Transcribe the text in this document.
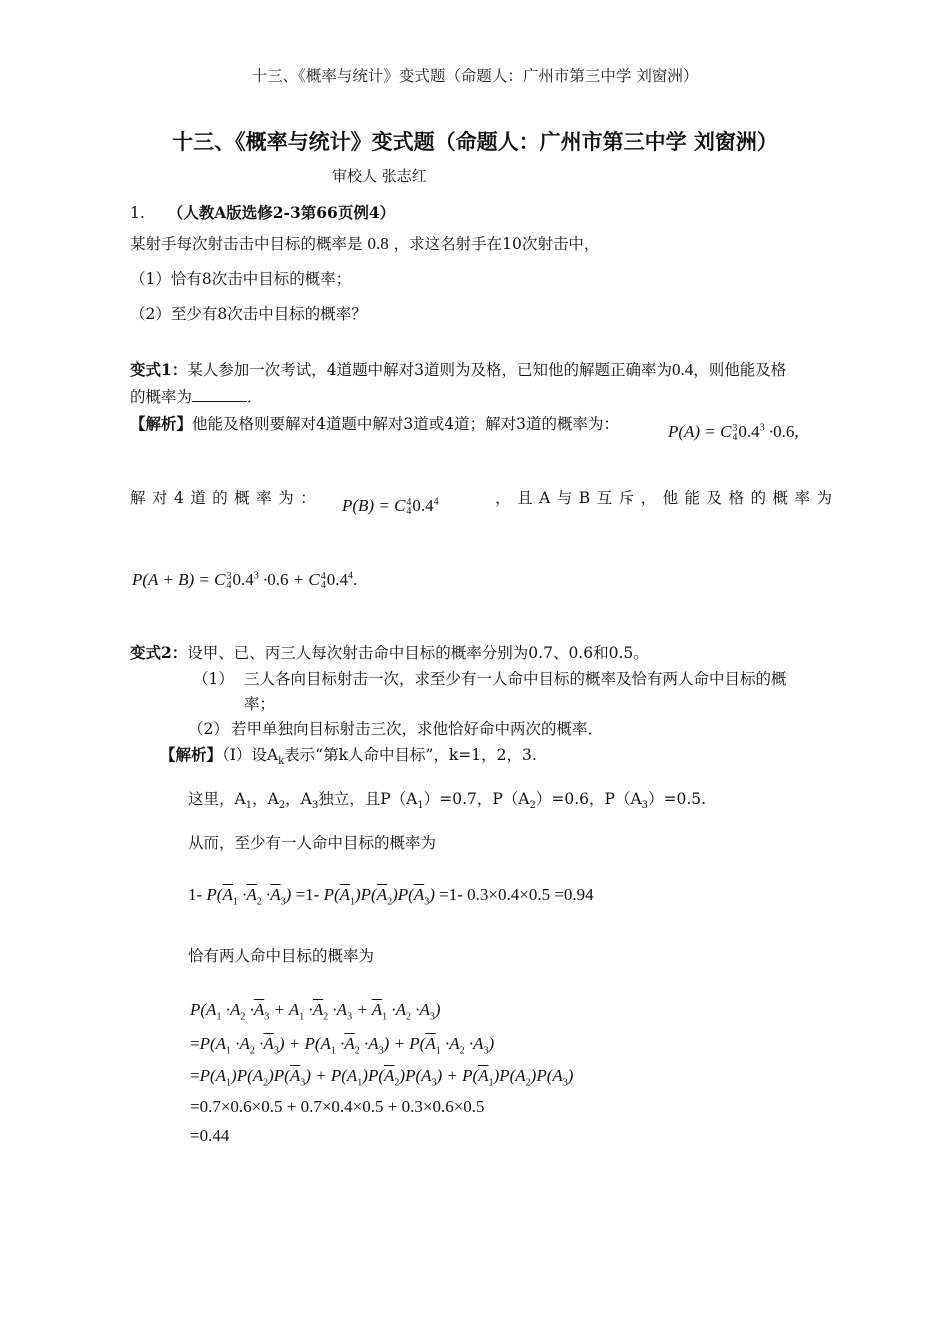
十三、《概率与统计》变式题（命题人：广州市第三中学 刘窗洲）
十三、《概率与统计》变式题（命题人：广州市第三中学 刘窗洲）
审校人 张志红
1. （人教A版选修2-3第66页例4）
某射手每次射击击中目标的概率是 0.8 ，求这名射手在10次射击中，
（1）恰有8次击中目标的概率；
（2）至少有8次击中目标的概率？
变式1：某人参加一次考试，4道题中解对3道则为及格，已知他的解题正确率为0.4，则他能及格
的概率为	．
【解析】他能及格则要解对4道题中解对3道或4道；解对3道的概率为：	P(A) = C3
$40.4^3 \cdot 0.6$,
解对4道的概率为：	，且A与B互斥，他能及格的概率为
P(B) = C4
40.4$^4$
P(A + B) = C3
$40.4^3 \cdot 0.6 + C4$
40.4$^4$.
变式2：设甲、已、丙三人每次射击命中目标的概率分别为0.7、0.6和0.5。
（1） 三人各向目标射击一次，求至少有一人命中目标的概率及恰有两人命中目标的概
率；
（2） 若甲单独向目标射击三次，求他恰好命中两次的概率．
【解析】（I）设$A_k$表示“第k人命中目标”，k=1，2，3.
这里，$A_1$，$A_2$，$A_3$独立，且$P(A_1)=0.7$，$P(A_2)=0.6$，$P(A_3)=0.5$.
从而，至少有一人命中目标的概率为
1- $P(\overline{A}_1 \cdot\overline{A}_2 \cdot\overline{A}_3) =1-$ $P(\overline{A}_1)P(\overline{A}_2)P(\overline{A}_3) =1-$ 0.3×0.4×0.5 =0.94
恰有两人命中目标的概率为
$P(A_1 \cdot A_2 \cdot\overline{A}_3 + A_1 \cdot\overline{A}_2 \cdot A_3 + \overline{A}_1 \cdot A_2 \cdot A_3)$
$=P(A_1 \cdot A_2 \cdot\overline{A}_3) + P(A_1 \cdot\overline{A}_2 \cdot A_3) + P(\overline{A}_1 \cdot A_2 \cdot A_3)$
$=P(A_1)P(A_2)P(\overline{A}_3) + P(A_1)P(\overline{A}_2)P(A_3) + P(\overline{A}_1)P(A_2)P(A_3)$
=0.7×0.6×0.5 + 0.7×0.4×0.5 + 0.3×0.6×0.5
=0.44
